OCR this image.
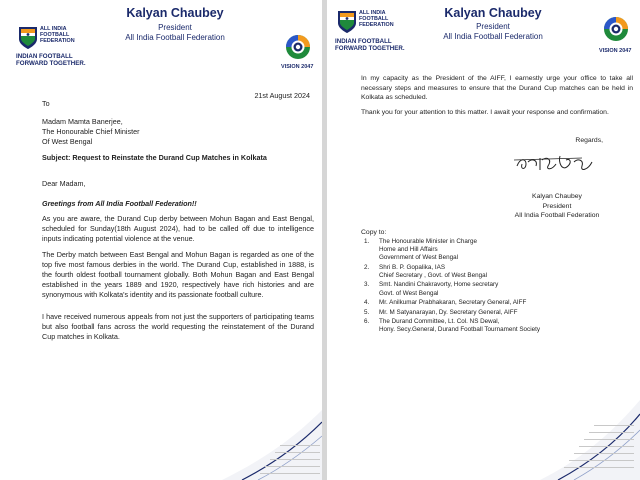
ALL INDIA
FOOTBALL
FEDERATION
INDIAN FOOTBALL
FORWARD TOGETHER.
Kalyan Chaubey
President
All India Football Federation
VISION 2047
21st August 2024
To
Madam Mamta Banerjee,
The Honourable Chief Minister
Of West Bengal
Subject: Request to Reinstate the Durand Cup Matches in Kolkata
Dear Madam,
Greetings from All India Football Federation!!
As you are aware, the Durand Cup derby between Mohun Bagan and East Bengal, scheduled for Sunday(18th August 2024), had to be called off due to intelligence inputs indicating potential violence at the venue.
The Derby match between East Bengal and Mohun Bagan is regarded as one of the top five most famous derbies in the world. The Durand Cup, established in 1888, is the fourth oldest football tournament globally. Both Mohun Bagan and East Bengal established in the years 1889 and 1920, respectively have rich histories and are synonymous with Kolkata's identity and its passionate football culture.
I have received numerous appeals from not just the supporters of participating teams but also football fans across the world requesting the reinstatement of the Durand Cup matches in Kolkata.
ALL INDIA
FOOTBALL
FEDERATION
INDIAN FOOTBALL
FORWARD TOGETHER.
Kalyan Chaubey
President
All India Football Federation
VISION 2047
In my capacity as the President of the AIFF, I earnestly urge your office to take all necessary steps and measures to ensure that the Durand Cup matches can be held in Kolkata as scheduled.
Thank you for your attention to this matter. I await your response and confirmation.
Regards,
Kalyan Chaubey
President
All India Football Federation
Copy to:
1. The Honourable Minister in Charge
Home and Hill Affairs
Government of West Bengal
2. Shri B. P. Gopalika, IAS
Chief Secretary , Govt. of West Bengal
3. Smt. Nandini Chakravorty, Home secretary
Govt. of West Bengal
4. Mr. Anilkumar Prabhakaran, Secretary General, AIFF
5. Mr. M Satyanarayan, Dy. Secretary General, AIFF
6. The Durand Committee, Lt. Col. NS Dewal,
Hony. Secy.General, Durand Football Tournament Society
